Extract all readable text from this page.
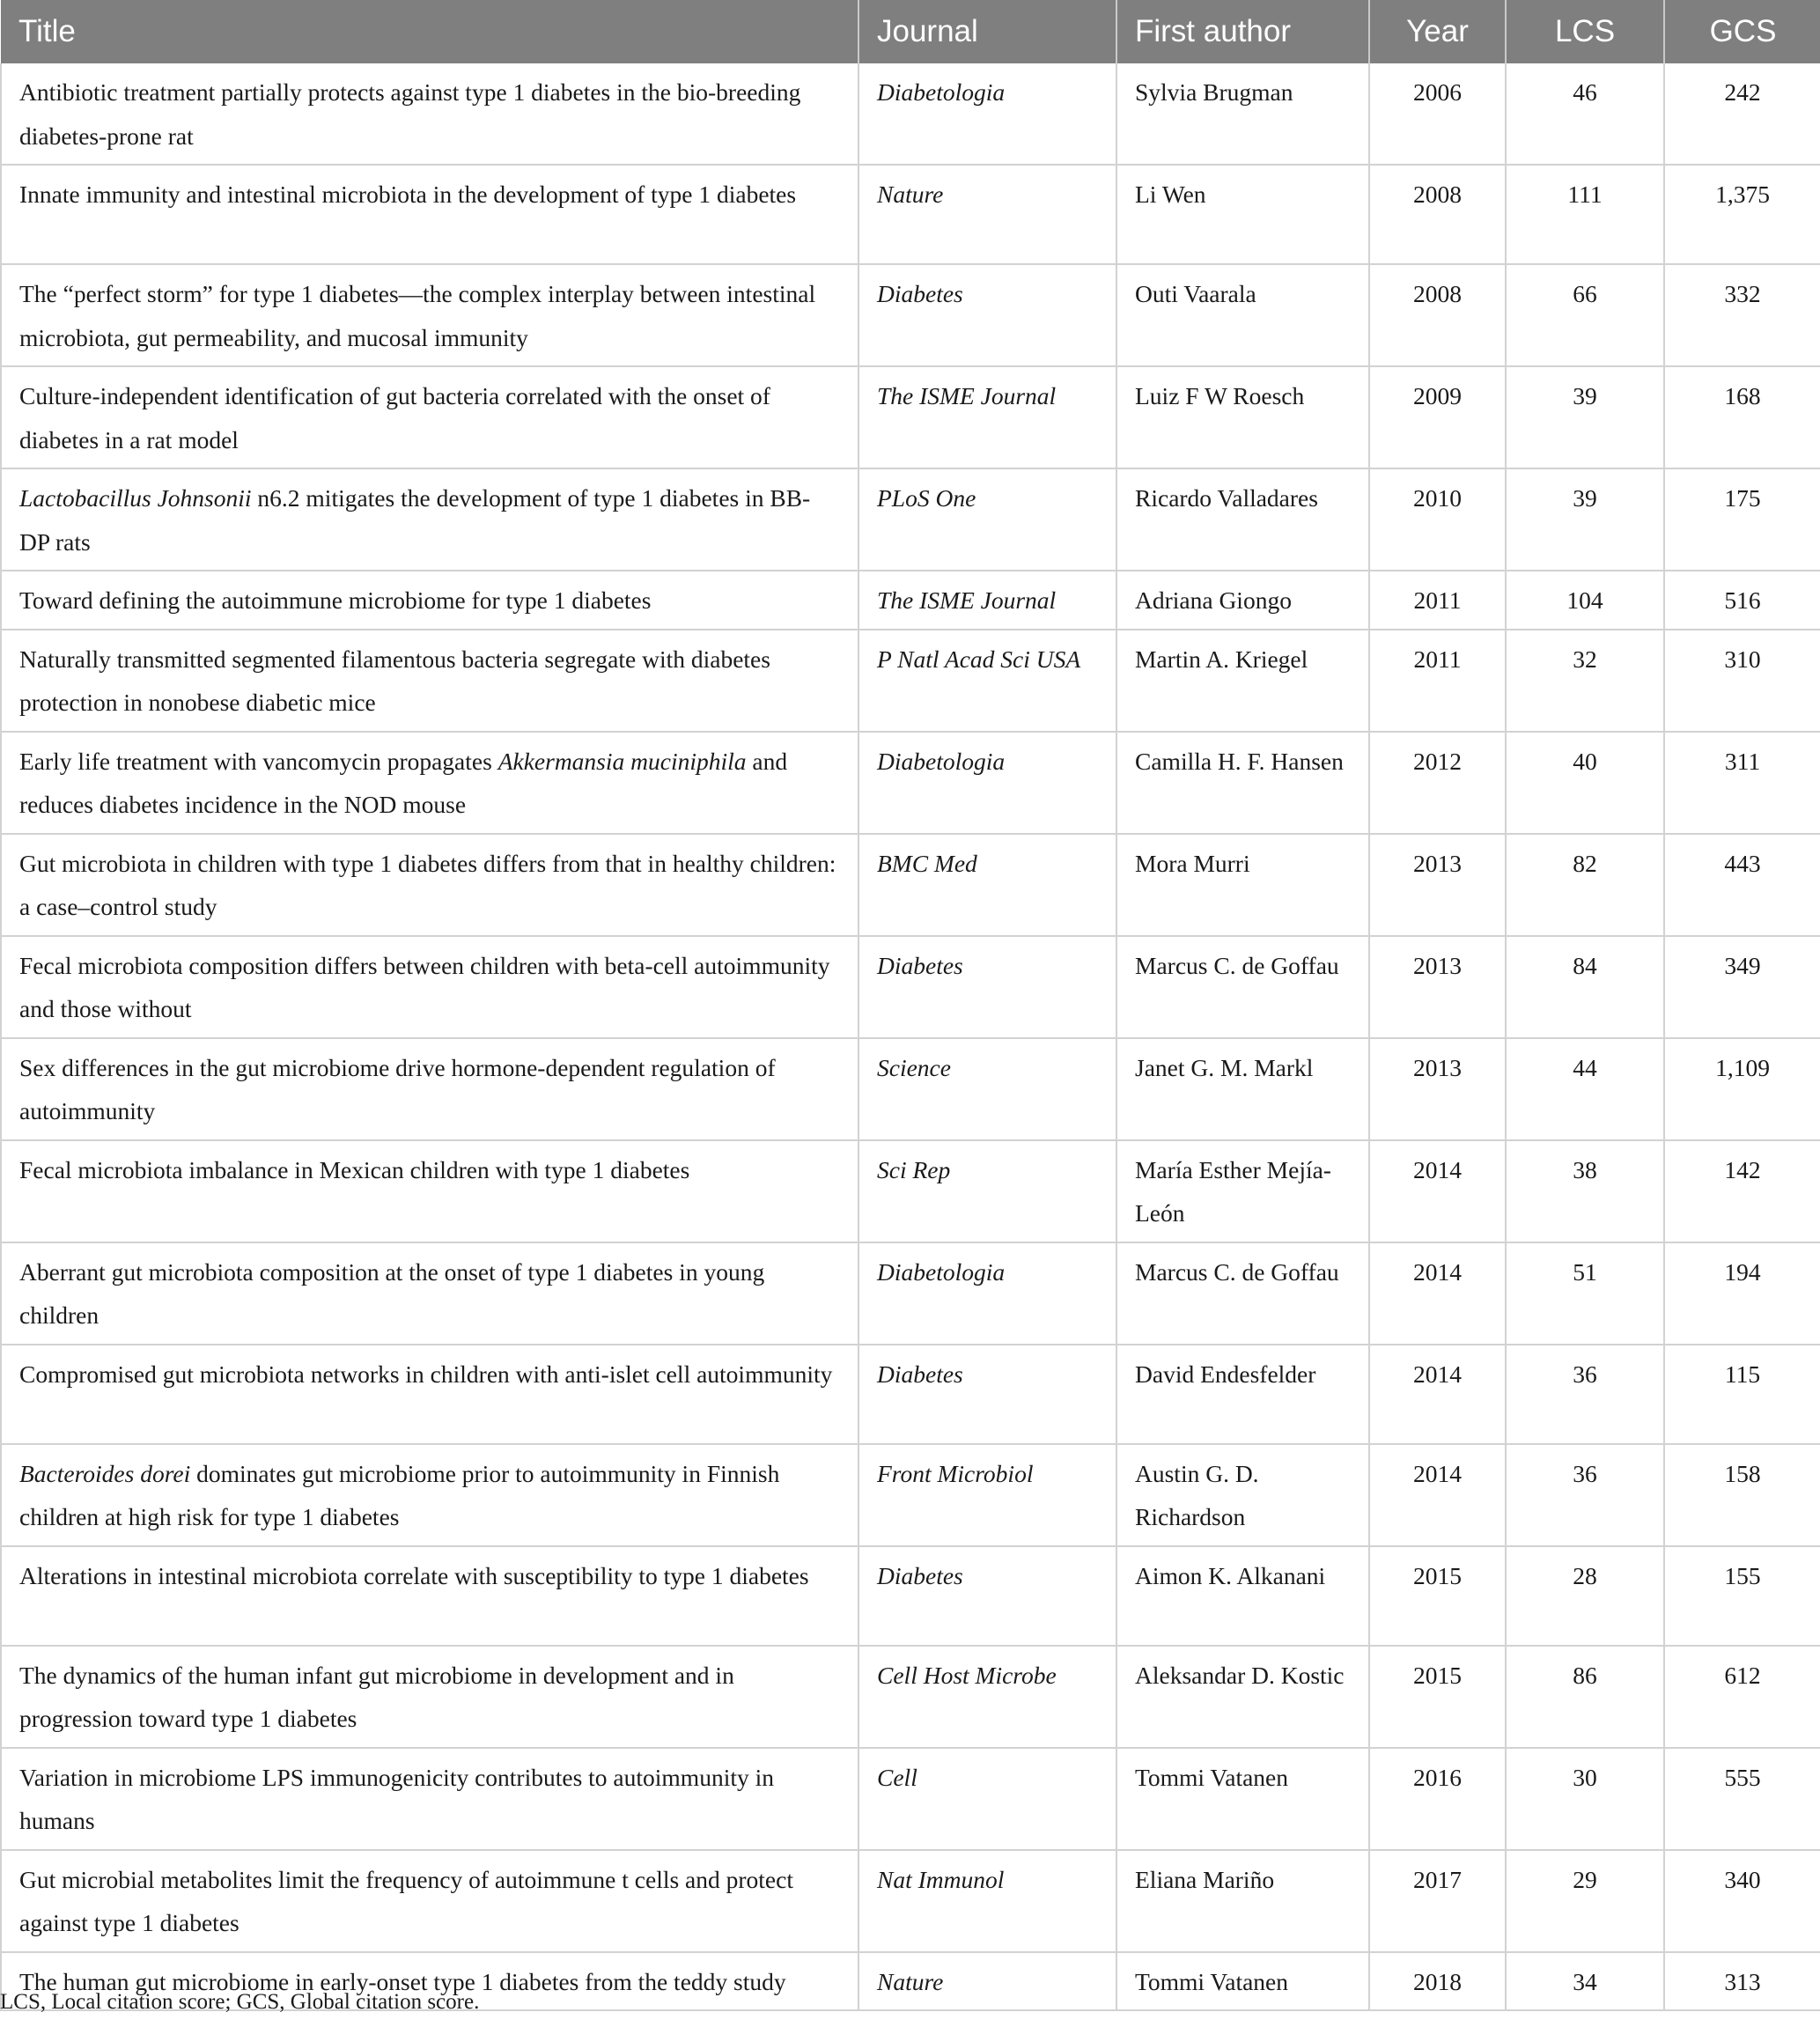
Title	Journal	First author	Year	LCS	GCS
Antibiotic treatment partially protects against type 1 diabetes in the bio-breeding diabetes-prone rat	Diabetologia	Sylvia Brugman	2006	46	242
Innate immunity and intestinal microbiota in the development of type 1 diabetes	Nature	Li Wen	2008	111	1,375
The “perfect storm” for type 1 diabetes—the complex interplay between intestinal microbiota, gut permeability, and mucosal immunity	Diabetes	Outi Vaarala	2008	66	332
Culture-independent identification of gut bacteria correlated with the onset of diabetes in a rat model	The ISME Journal	Luiz F W Roesch	2009	39	168
Lactobacillus Johnsonii n6.2 mitigates the development of type 1 diabetes in BB-DP rats	PLoS One	Ricardo Valladares	2010	39	175
Toward defining the autoimmune microbiome for type 1 diabetes	The ISME Journal	Adriana Giongo	2011	104	516
Naturally transmitted segmented filamentous bacteria segregate with diabetes protection in nonobese diabetic mice	P Natl Acad Sci USA	Martin A. Kriegel	2011	32	310
Early life treatment with vancomycin propagates Akkermansia muciniphila and reduces diabetes incidence in the NOD mouse	Diabetologia	Camilla H. F. Hansen	2012	40	311
Gut microbiota in children with type 1 diabetes differs from that in healthy children: a case–control study	BMC Med	Mora Murri	2013	82	443
Fecal microbiota composition differs between children with beta-cell autoimmunity and those without	Diabetes	Marcus C. de Goffau	2013	84	349
Sex differences in the gut microbiome drive hormone-dependent regulation of autoimmunity	Science	Janet G. M. Markl	2013	44	1,109
Fecal microbiota imbalance in Mexican children with type 1 diabetes	Sci Rep	María Esther Mejía-León	2014	38	142
Aberrant gut microbiota composition at the onset of type 1 diabetes in young children	Diabetologia	Marcus C. de Goffau	2014	51	194
Compromised gut microbiota networks in children with anti-islet cell autoimmunity	Diabetes	David Endesfelder	2014	36	115
Bacteroides dorei dominates gut microbiome prior to autoimmunity in Finnish children at high risk for type 1 diabetes	Front Microbiol	Austin G. D. Richardson	2014	36	158
Alterations in intestinal microbiota correlate with susceptibility to type 1 diabetes	Diabetes	Aimon K. Alkanani	2015	28	155
The dynamics of the human infant gut microbiome in development and in progression toward type 1 diabetes	Cell Host Microbe	Aleksandar D. Kostic	2015	86	612
Variation in microbiome LPS immunogenicity contributes to autoimmunity in humans	Cell	Tommi Vatanen	2016	30	555
Gut microbial metabolites limit the frequency of autoimmune t cells and protect against type 1 diabetes	Nat Immunol	Eliana Mariño	2017	29	340
The human gut microbiome in early-onset type 1 diabetes from the teddy study	Nature	Tommi Vatanen	2018	34	313

LCS, Local citation score; GCS, Global citation score.
